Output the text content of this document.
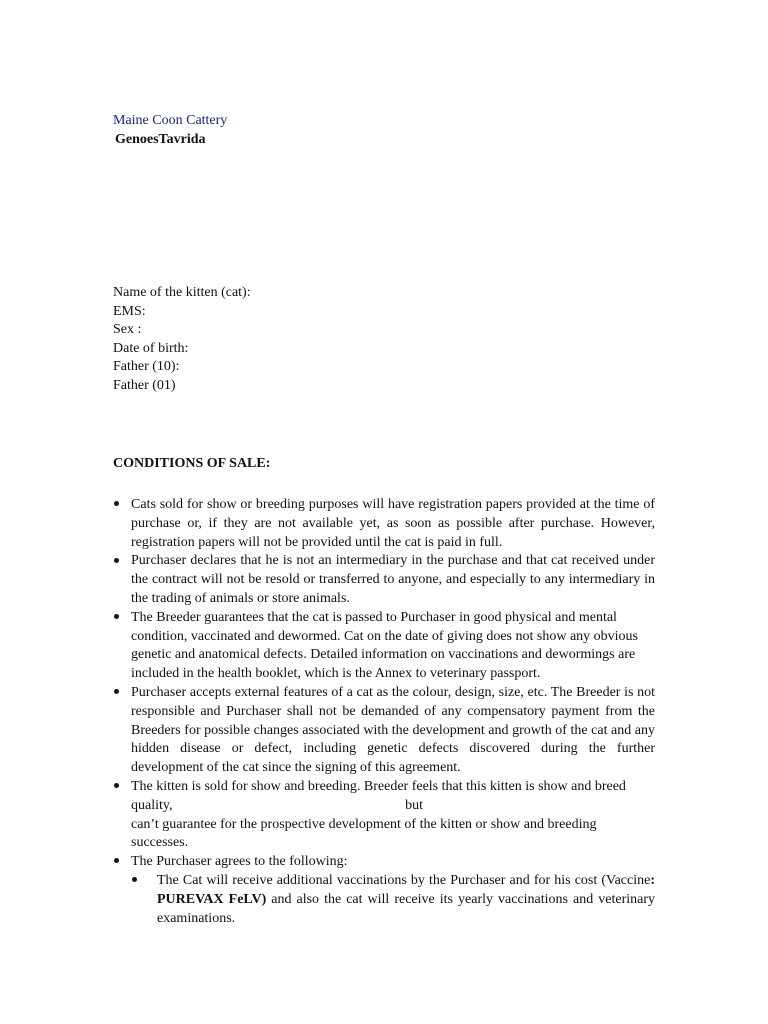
Maine Coon Cattery
GenoesTavrida
Name of the kitten (cat):
EMS:
Sex :
Date of birth:
Father (10):
Father (01)
CONDITIONS OF SALE:
Cats sold for show or breeding purposes will have registration papers provided at the time of purchase or, if they are not available yet, as soon as possible after purchase. However, registration papers will not be provided until the cat is paid in full.
Purchaser declares that he is not an intermediary in the purchase and that cat received under the contract will not be resold or transferred to anyone, and especially to any intermediary in the trading of animals or store animals.
The Breeder guarantees that the cat is passed to Purchaser in good physical and mental condition, vaccinated and dewormed. Cat on the date of giving does not show any obvious genetic and anatomical defects. Detailed information on vaccinations and dewormings are included in the health booklet, which is the Annex to veterinary passport.
Purchaser accepts external features of a cat as the colour, design, size, etc. The Breeder is not responsible and Purchaser shall not be demanded of any compensatory payment from the Breeders for possible changes associated with the development and growth of the cat and any hidden disease or defect, including genetic defects discovered during the further development of the cat since the signing of this agreement.
The kitten is sold for show and breeding. Breeder feels that this kitten is show and breed
quality,	but
can’t guarantee for the prospective development of the kitten or show and breeding successes.
The Purchaser agrees to the following:
The Cat will receive additional vaccinations by the Purchaser and for his cost (Vaccine: PUREVAX FeLV) and also the cat will receive its yearly vaccinations and veterinary examinations.
